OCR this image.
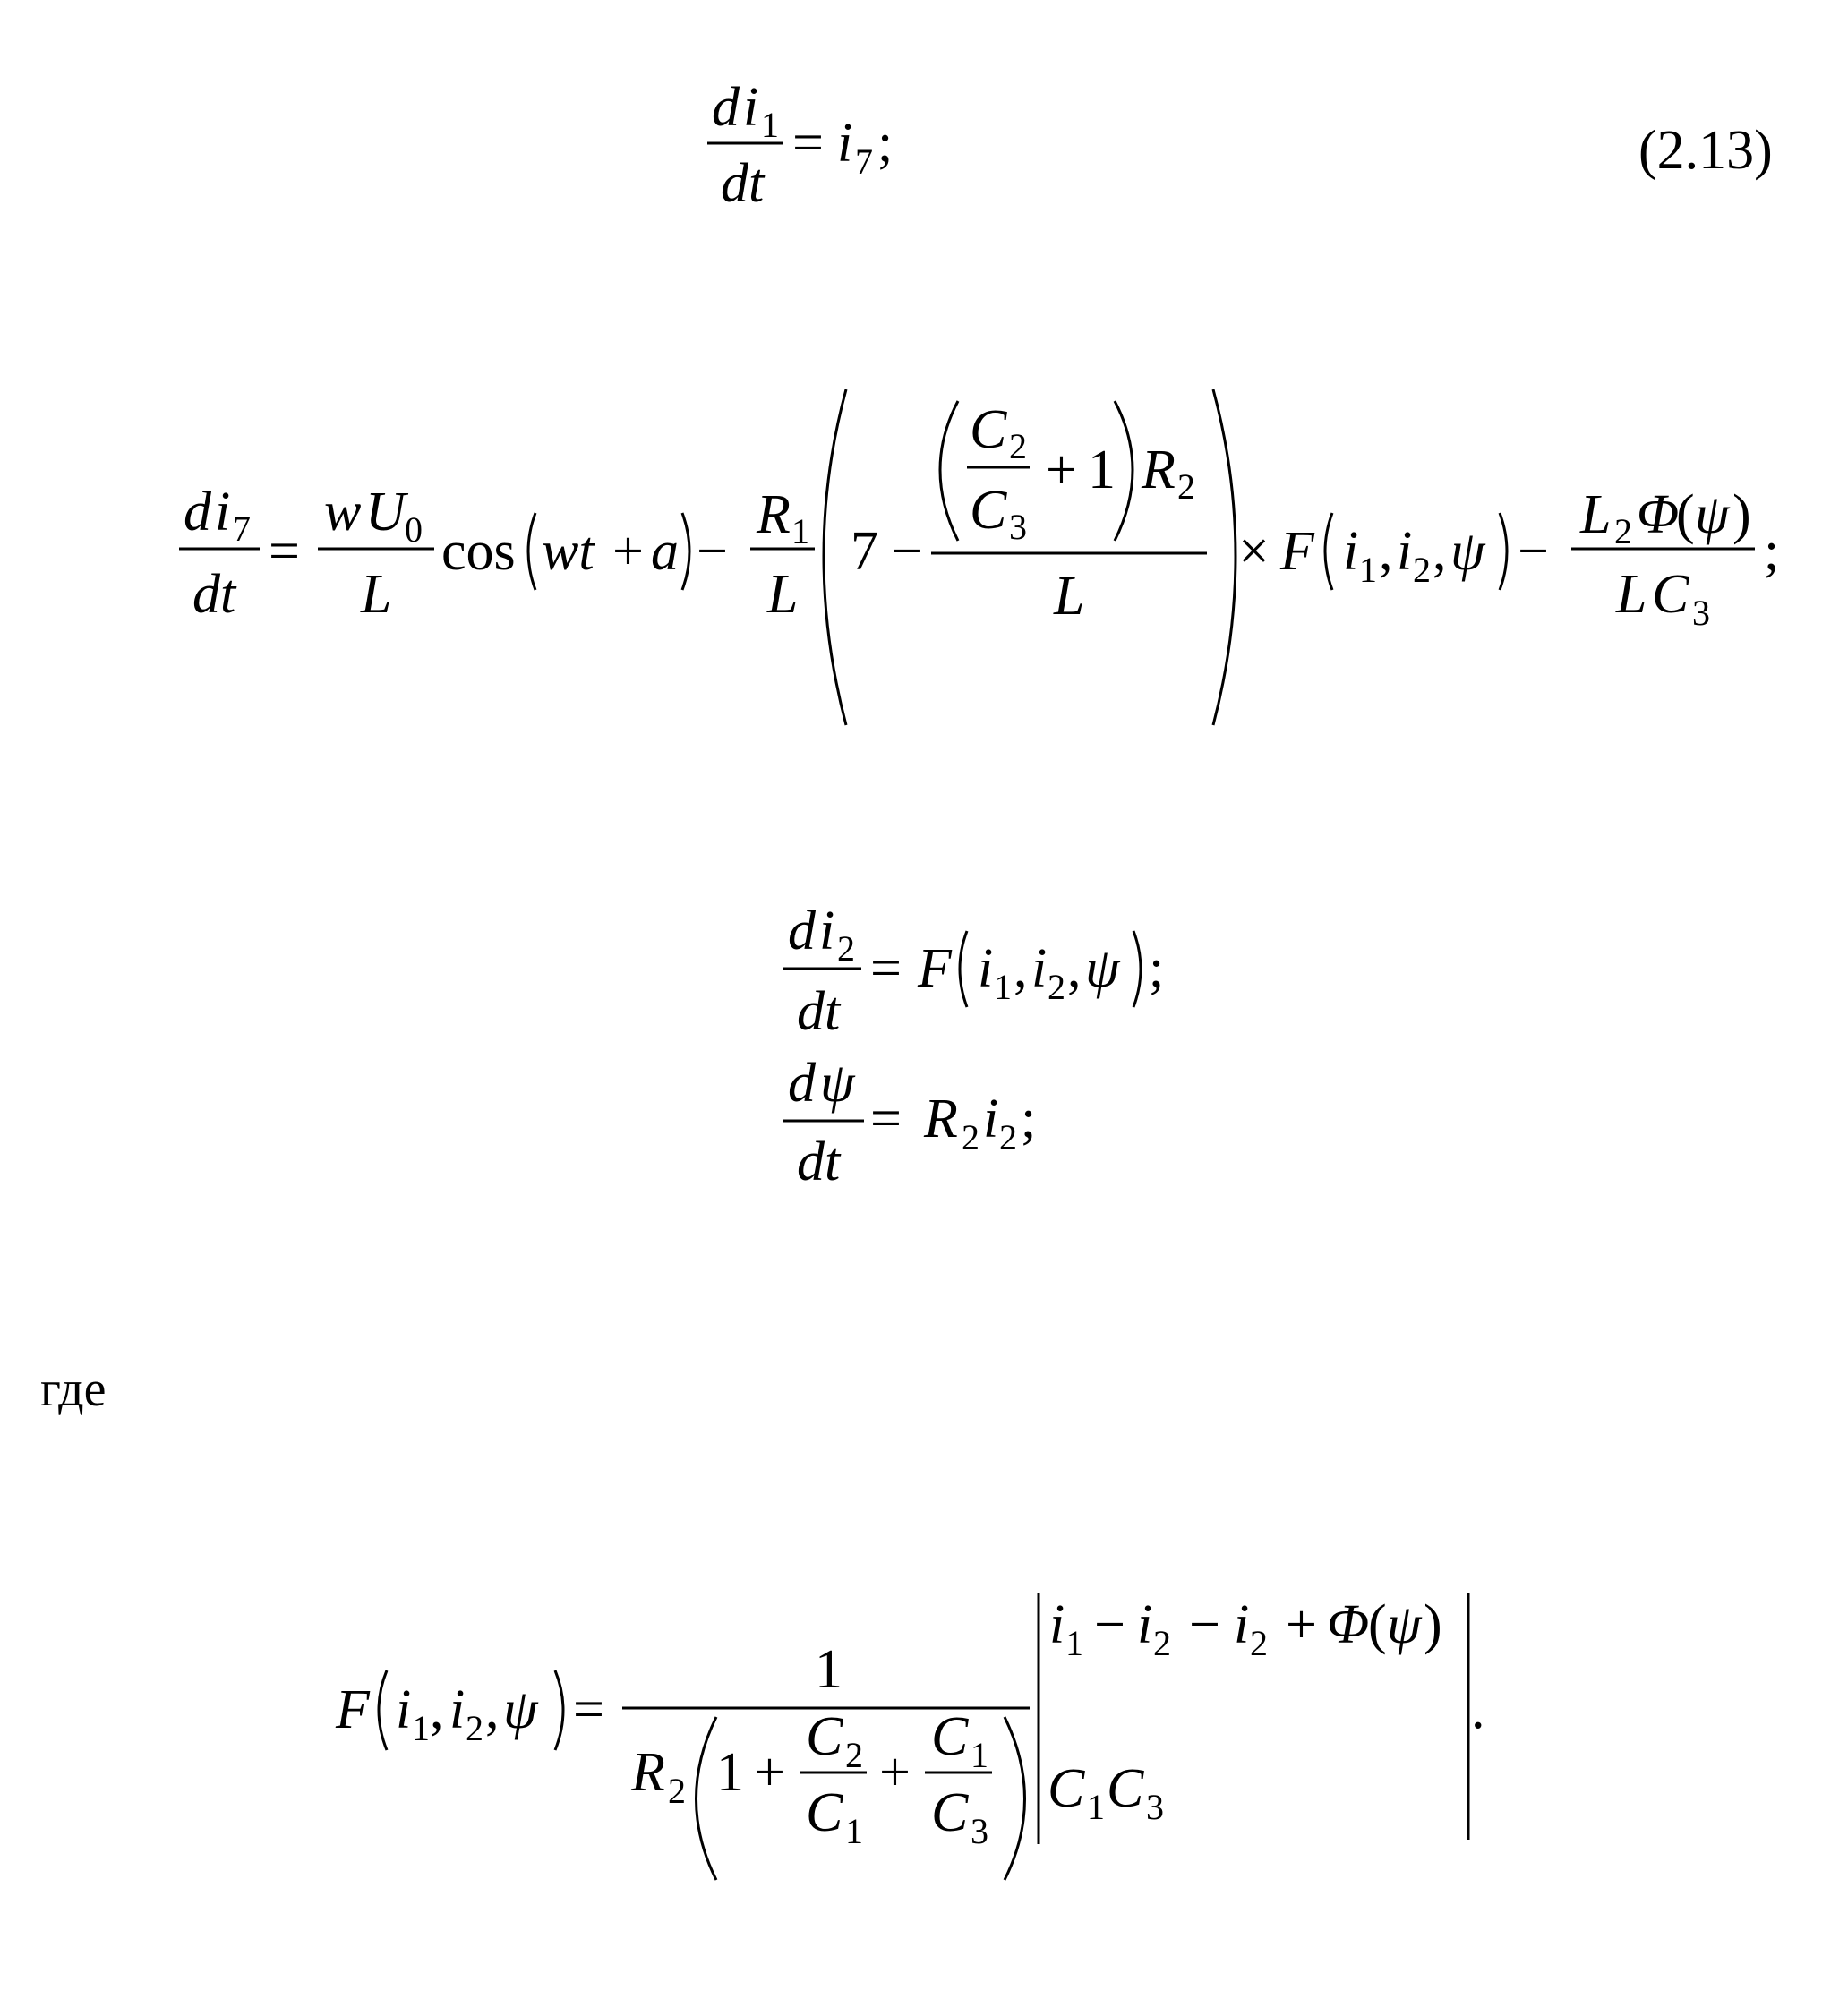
d i 1
dt
= i 7 ;	(2.13)
d i 7
dt
=
w U 0
L
cos wt + a −
R 1
L
7 −
C 2
C 3
+ 1 R 2
L
× F i 1 , i 2 , ψ −
L 2 Φ
( ψ )
L C 3
;
d i 2
dt
= F i 1 , i 2 , ψ ;
d ψ
dt
= R 2 i 2 ;
F i 1 , i 2 , ψ =
1
R 2 1 +
C 2
C 1
+
C 1
C 3
i 1 − i 2 − i 2 + Φ
( ψ )
C 1 C 3
.
где
